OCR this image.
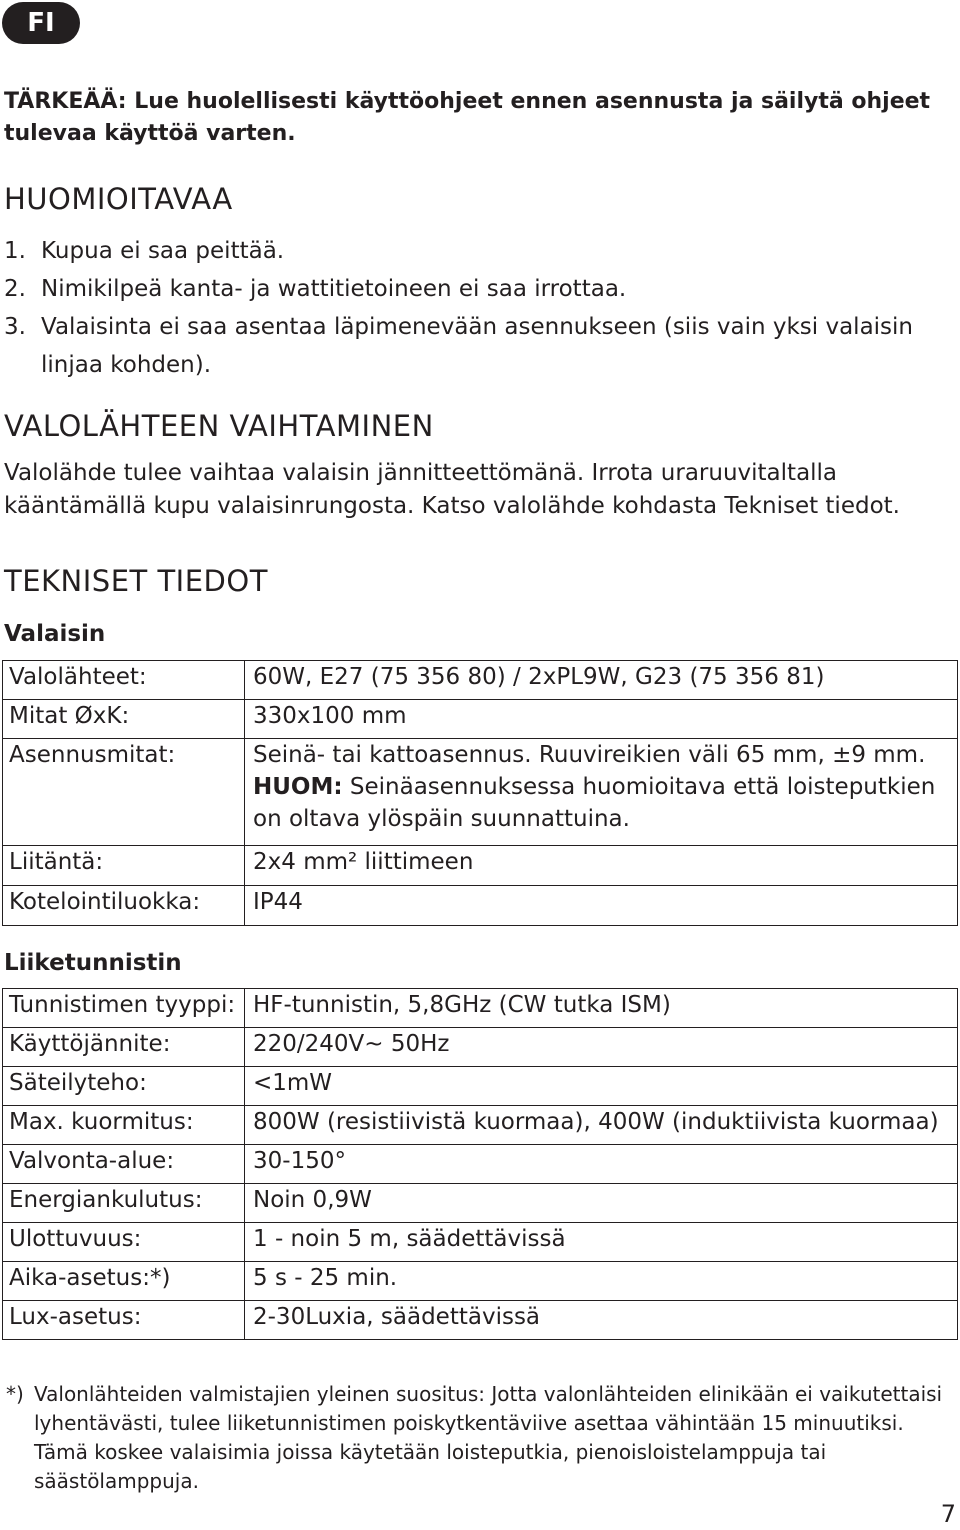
FI
TÄRKEÄÄ: Lue huolellisesti käyttöohjeet ennen asennusta ja säilytä ohjeet tulevaa käyttöä varten.
HUOMIOITAVAA
1. Kupua ei saa peittää.
2. Nimikilpeä kanta- ja wattitietoineen ei saa irrottaa.
3. Valaisinta ei saa asentaa läpimenevään asennukseen (siis vain yksi valaisin linjaa kohden).
VALOLÄHTEEN VAIHTAMINEN
Valolähde tulee vaihtaa valaisin jännitteettömänä. Irrota uraruuvitaltalla kääntämällä kupu valaisinrungosta. Katso valolähde kohdasta Tekniset tiedot.
TEKNISET TIEDOT
Valaisin
Valolähteet:	60W, E27 (75 356 80) / 2xPL9W, G23 (75 356 81)
Mitat ØxK:	330x100 mm
Asennusmitat:	Seinä- tai kattoasennus. Ruuvireikien väli 65 mm, ±9 mm.
HUOM: Seinäasennuksessa huomioitava että loisteputkien on oltava ylöspäin suunnattuina.

Liitäntä:	2x4 mm² liittimeen
Kotelointiluokka:	IP44
Liiketunnistin
Tunnistimen tyyppi:	HF-tunnistin, 5,8GHz (CW tutka ISM)
Käyttöjännite:	220/240V~ 50Hz
Säteilyteho:	<1mW
Max. kuormitus:	800W (resistiivistä kuormaa), 400W (induktiivista kuormaa)
Valvonta-alue:	30-150°
Energiankulutus:	Noin 0,9W
Ulottuvuus:	1 - noin 5 m, säädettävissä
Aika-asetus:*)	5 s - 25 min.
Lux-asetus:	2-30Luxia, säädettävissä
*) Valonlähteiden valmistajien yleinen suositus: Jotta valonlähteiden elinikään ei vaikutettaisi lyhentävästi, tulee liiketunnistimen poiskytkentäviive asettaa vähintään 15 minuutiksi. Tämä koskee valaisimia joissa käytetään loisteputkia, pienoisloistelamppuja tai säästölamppuja.
7
